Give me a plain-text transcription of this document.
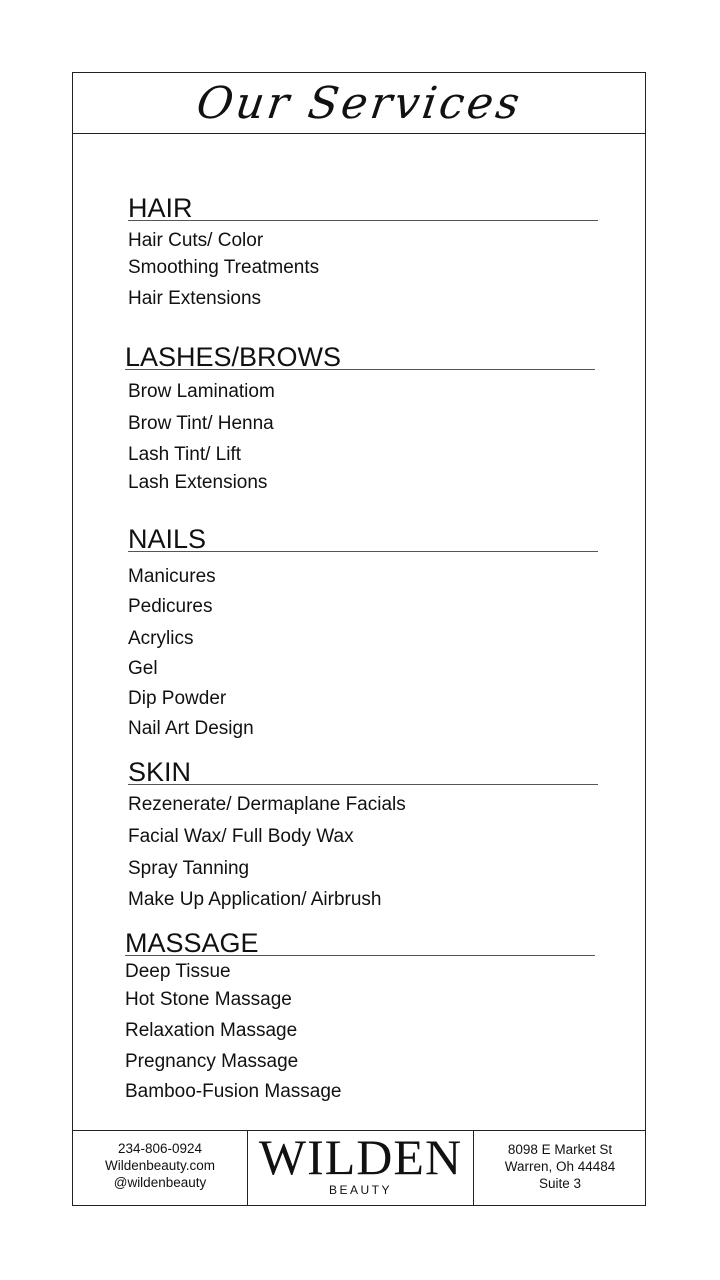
Our Services
HAIR
Hair Cuts/ Color
Smoothing Treatments
Hair Extensions
LASHES/BROWS
Brow Laminatiom
Brow Tint/ Henna
Lash Tint/ Lift
Lash Extensions
NAILS
Manicures
Pedicures
Acrylics
Gel
Dip Powder
Nail Art Design
SKIN
Rezenerate/ Dermaplane Facials
Facial Wax/ Full Body Wax
Spray Tanning
Make Up Application/ Airbrush
MASSAGE
Deep Tissue
Hot Stone Massage
Relaxation Massage
Pregnancy Massage
Bamboo-Fusion Massage
234-806-0924
Wildenbeauty.com
@wildenbeauty	WILDEN
BEAUTY
8098 E Market St
Warren, Oh 44484
Suite 3
